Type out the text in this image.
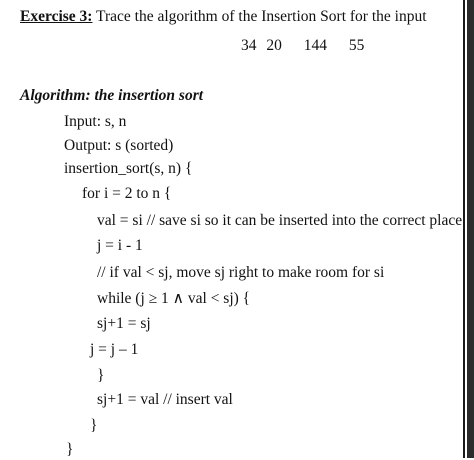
Exercise 3: Trace the algorithm of the Insertion Sort for the input
34 20 144 55
Algorithm: the insertion sort
Input: s, n
Output: s (sorted)
insertion_sort(s, n) {
for i = 2 to n {
val = si // save si so it can be inserted into the correct place
j = i - 1
// if val < sj, move sj right to make room for si
while (j ≥ 1 ∧ val < sj) {
sj+1 = sj
j = j – 1
}
sj+1 = val // insert val
}
}
